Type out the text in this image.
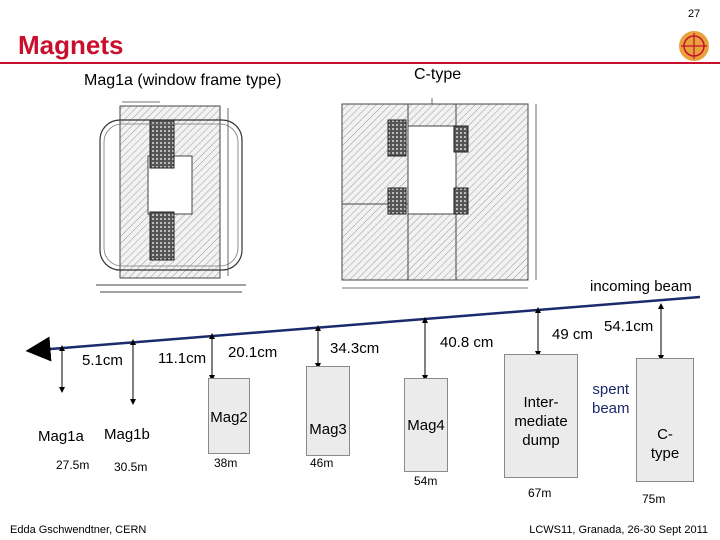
27
Magnets
Mag1a (window frame type)	C-type
incoming beam
5.1cm 11.1cm 20.1cm	34.3cm	40.8 cm	49 cm 54.1cm
Mag1a Mag1b
Mag2
Mag3	Mag4
Inter-
mediate
dump
spent
beam
C-
type
27.5m 30.5m	38m	46m
54m
67m	75m
Edda Gschwendtner, CERN	LCWS11, Granada, 26-30 Sept 2011
